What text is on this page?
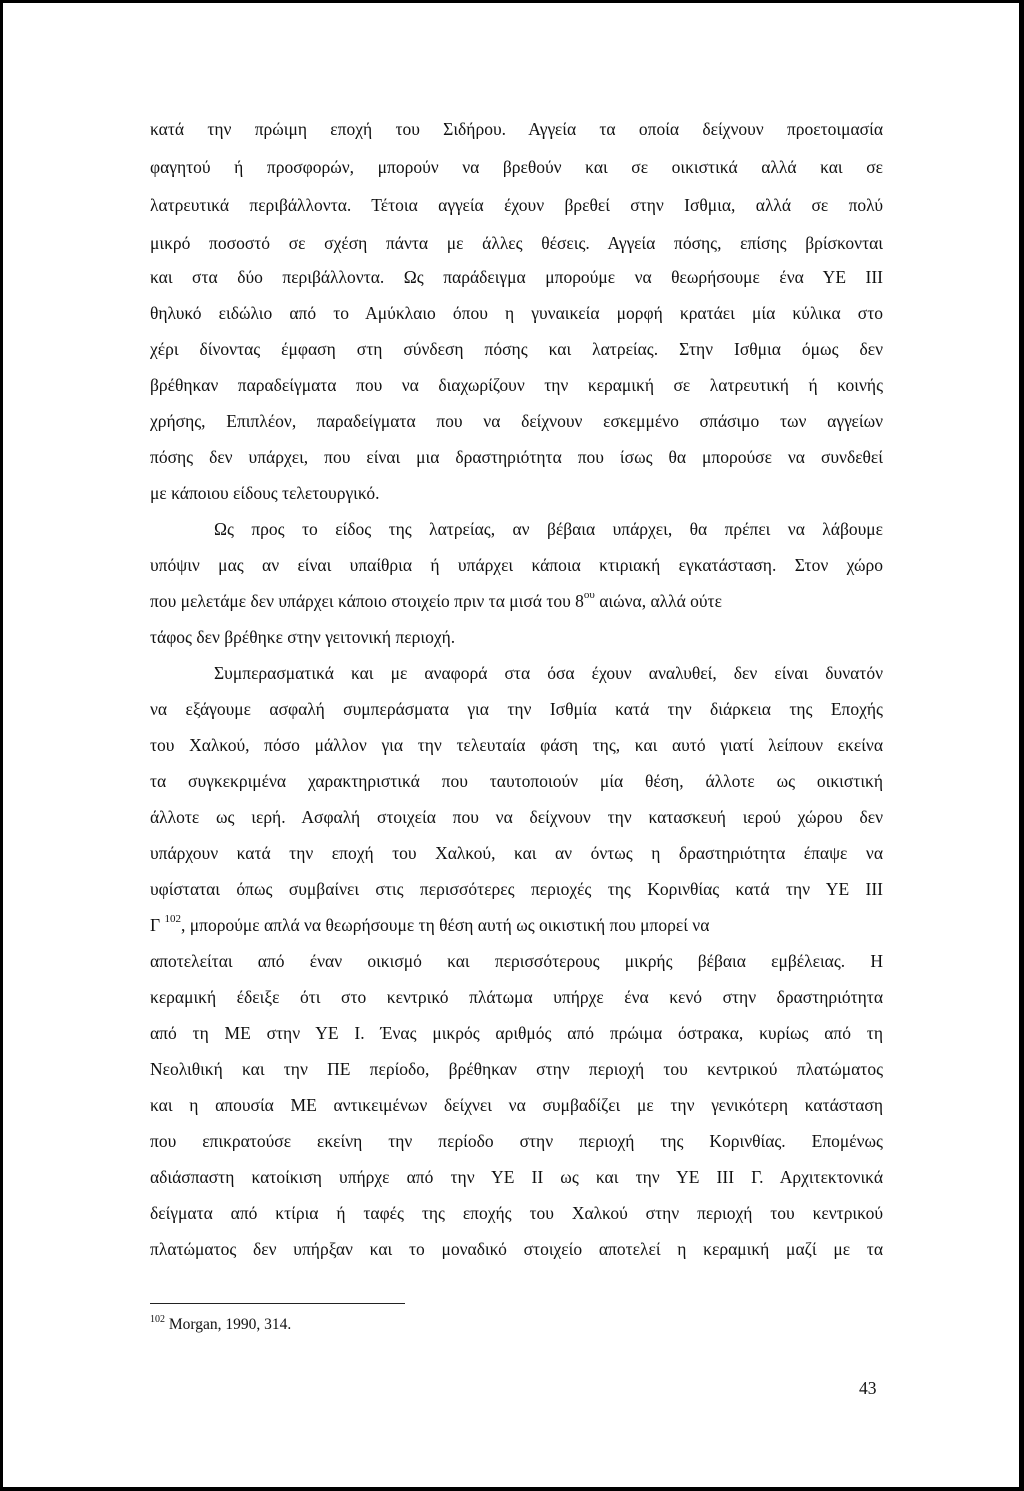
κατά την πρώιμη εποχή του Σιδήρου. Αγγεία τα οποία δείχνουν προετοιμασία
φαγητού ή προσφορών, μπορούν να βρεθούν και σε οικιστικά αλλά και σε
λατρευτικά περιβάλλοντα. Τέτοια αγγεία έχουν βρεθεί στην Ισθμια, αλλά σε πολύ
μικρό ποσοστό σε σχέση πάντα με άλλες θέσεις. Αγγεία πόσης, επίσης βρίσκονται
και στα δύο περιβάλλοντα. Ως παράδειγμα μπορούμε να θεωρήσουμε ένα ΥΕ ΙΙΙ
θηλυκό ειδώλιο από το Αμύκλαιο όπου η γυναικεία μορφή κρατάει μία κύλικα στο
χέρι δίνοντας έμφαση στη σύνδεση πόσης και λατρείας. Στην Ισθμια όμως δεν
βρέθηκαν παραδείγματα που να διαχωρίζουν την κεραμική σε λατρευτική ή κοινής
χρήσης, Επιπλέον, παραδείγματα που να δείχνουν εσκεμμένο σπάσιμο των αγγείων
πόσης δεν υπάρχει, που είναι μια δραστηριότητα που ίσως θα μπορούσε να συνδεθεί
με κάποιου είδους τελετουργικό.
Ως προς το είδος της λατρείας, αν βέβαια υπάρχει, θα πρέπει να λάβουμε
υπόψιν μας αν είναι υπαίθρια ή υπάρχει κάποια κτιριακή εγκατάσταση. Στον χώρο
που μελετάμε δεν υπάρχει κάποιο στοιχείο πριν τα μισά του $8^{o\upsilon}$ αιώνα, αλλά ούτε
τάφος δεν βρέθηκε στην γειτονική περιοχή.
Συμπερασματικά και με αναφορά στα όσα έχουν αναλυθεί, δεν είναι δυνατόν
να εξάγουμε ασφαλή συμπεράσματα για την Ισθμία κατά την διάρκεια της Εποχής
του Χαλκού, πόσο μάλλον για την τελευταία φάση της, και αυτό γιατί λείπουν εκείνα
τα συγκεκριμένα χαρακτηριστικά που ταυτοποιούν μία θέση, άλλοτε ως οικιστική
άλλοτε ως ιερή. Ασφαλή στοιχεία που να δείχνουν την κατασκευή ιερού χώρου δεν
υπάρχουν κατά την εποχή του Χαλκού, και αν όντως η δραστηριότητα έπαψε να
υφίσταται όπως συμβαίνει στις περισσότερες περιοχές της Κορινθίας κατά την ΥΕ ΙΙΙ
Γ $^{102}$, μπορούμε απλά να θεωρήσουμε τη θέση αυτή ως οικιστική που μπορεί να
αποτελείται από έναν οικισμό και περισσότερους μικρής βέβαια εμβέλειας. Η
κεραμική έδειξε ότι στο κεντρικό πλάτωμα υπήρχε ένα κενό στην δραστηριότητα
από τη ΜΕ στην ΥΕ Ι. Ένας μικρός αριθμός από πρώιμα όστρακα, κυρίως από τη
Νεολιθική και την ΠΕ περίοδο, βρέθηκαν στην περιοχή του κεντρικού πλατώματος
και η απουσία ΜΕ αντικειμένων δείχνει να συμβαδίζει με την γενικότερη κατάσταση
που επικρατούσε εκείνη την περίοδο στην περιοχή της Κορινθίας. Επομένως
αδιάσπαστη κατοίκιση υπήρχε από την ΥΕ ΙΙ ως και την ΥΕ ΙΙΙ Γ. Αρχιτεκτονικά
δείγματα από κτίρια ή ταφές της εποχής του Χαλκού στην περιοχή του κεντρικού
πλατώματος δεν υπήρξαν και το μοναδικό στοιχείο αποτελεί η κεραμική μαζί με τα
$^{102}$ Morgan, 1990, 314.
43
